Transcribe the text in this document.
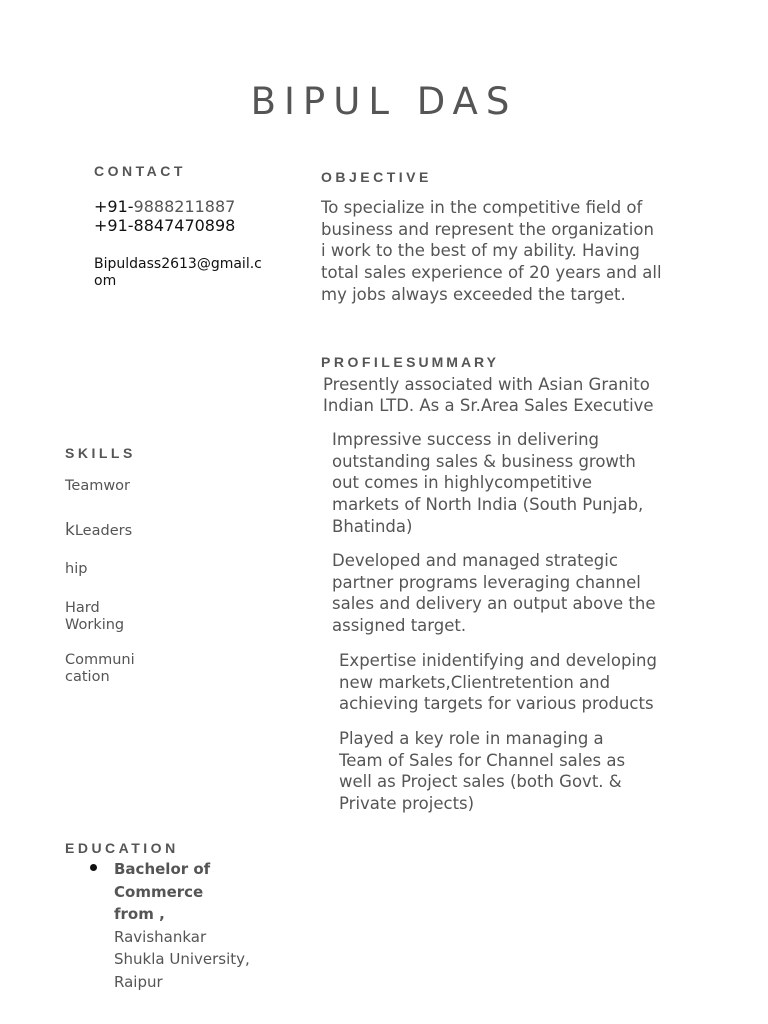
BIPUL DAS
CONTACT
+91-9888211887
+91-8847470898
Bipuldass2613@gmail.com
OBJECTIVE
To specialize in the competitive field of
business and represent the organization
i work to the best of my ability. Having
total sales experience of 20 years and all
my jobs always exceeded the target.
PROFILESUMMARY
Presently associated with Asian Granito
Indian LTD. As a Sr.Area Sales Executive
Impressive success in delivering
outstanding sales & business growth
out comes in highlycompetitive
markets of North India (South Punjab,
Bhatinda)
Developed and managed strategic
partner programs leveraging channel
sales and delivery an output above the
assigned target.
Expertise inidentifying and developing
new markets,Clientretention and
achieving targets for various products
Played a key role in managing a
Team of Sales for Channel sales as
well as Project sales (both Govt. &
Private projects)
SKILLS
Teamwor
kLeaders
hip
Hard
Working
Communi
cation
EDUCATION
Bachelor of
Commerce
from ,
Ravishankar
Shukla University,
Raipur
